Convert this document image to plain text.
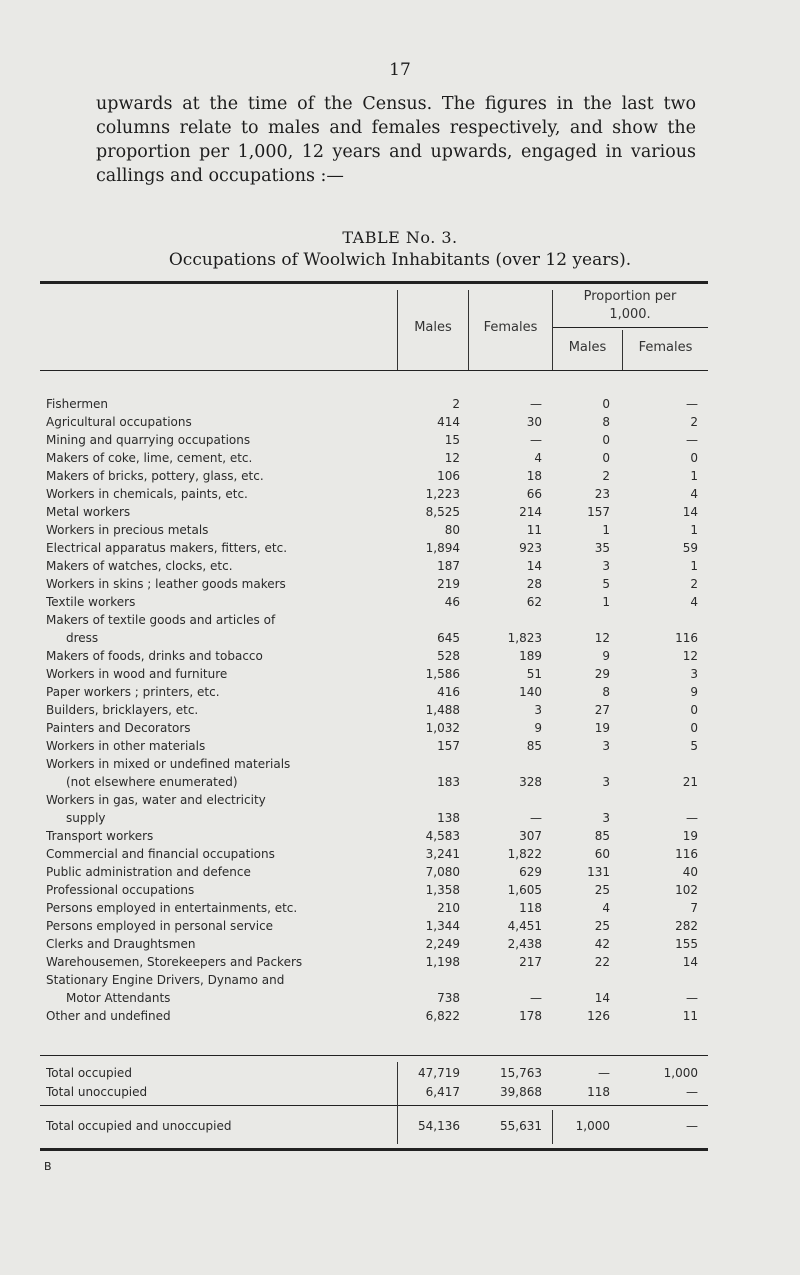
17

upwards at the time of the Census. The figures in the last two columns relate to males and females respectively, and show the proportion per 1,000, 12 years and upwards, engaged in various callings and occupations :—

TABLE No. 3.
Occupations of Woolwich Inhabitants (over 12 years).
Males	Females
Proportion per 1,000.
Males	Females
Fishermen	2	—	0	—
Agricultural occupations	414	30	8	2
Mining and quarrying occupations	15	—	0	—
Makers of coke, lime, cement, etc.	12	4	0	0
Makers of bricks, pottery, glass, etc.	106	18	2	1
Workers in chemicals, paints, etc.	1,223	66	23	4
Metal workers	8,525	214	157	14
Workers in precious metals	80	11	1	1
Electrical apparatus makers, fitters, etc.	1,894	923	35	59
Makers of watches, clocks, etc.	187	14	3	1
Workers in skins ; leather goods makers	219	28	5	2
Textile workers	46	62	1	4
Makers of textile goods and articles of
dress	645	1,823	12	116
Makers of foods, drinks and tobacco	528	189	9	12
Workers in wood and furniture	1,586	51	29	3
Paper workers ; printers, etc.	416	140	8	9
Builders, bricklayers, etc.	1,488	3	27	0
Painters and Decorators	1,032	9	19	0
Workers in other materials	157	85	3	5
Workers in mixed or undefined materials
(not elsewhere enumerated)	183	328	3	21
Workers in gas, water and electricity
supply	138	—	3	—
Transport workers	4,583	307	85	19
Commercial and financial occupations	3,241	1,822	60	116
Public administration and defence	7,080	629	131	40
Professional occupations	1,358	1,605	25	102
Persons employed in entertainments, etc.	210	118	4	7
Persons employed in personal service	1,344	4,451	25	282
Clerks and Draughtsmen	2,249	2,438	42	155
Warehousemen, Storekeepers and Packers	1,198	217	22	14
Stationary Engine Drivers, Dynamo and
Motor Attendants	738	—	14	—
Other and undefined	6,822	178	126	11
Total occupied	47,719	15,763	—	1,000
Total unoccupied	6,417	39,868	118	—
Total occupied and unoccupied	54,136	55,631	1,000	—
B
